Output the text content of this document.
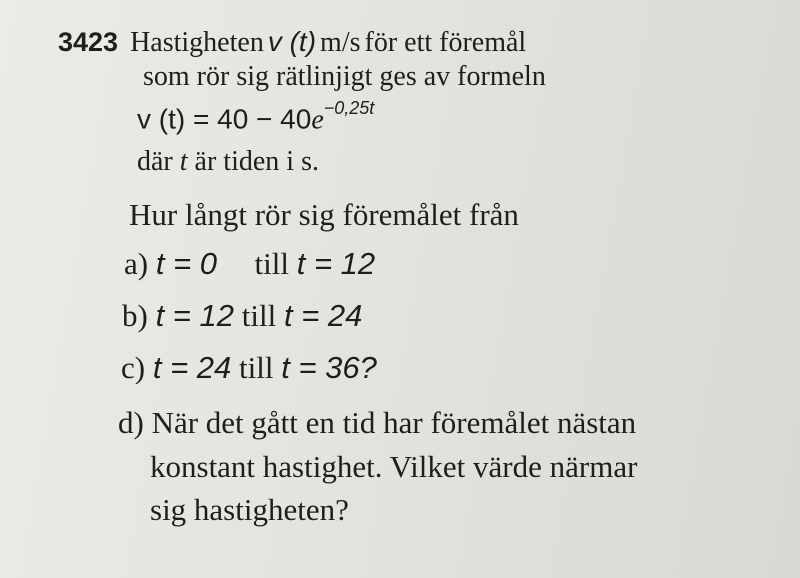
3423 Hastigheten v (t) m/s för ett föremål
som rör sig rätlinjigt ges av formeln
v $(t) = 40 - 40e^{-0,25t}$
där t är tiden i s.
Hur långt rör sig föremålet från
a) t = 0 till t = 12
b) t = 12 till t = 24
c) t = 24 till t = 36?
d) När det gått en tid har föremålet nästan
konstant hastighet. Vilket värde närmar
sig hastigheten?
